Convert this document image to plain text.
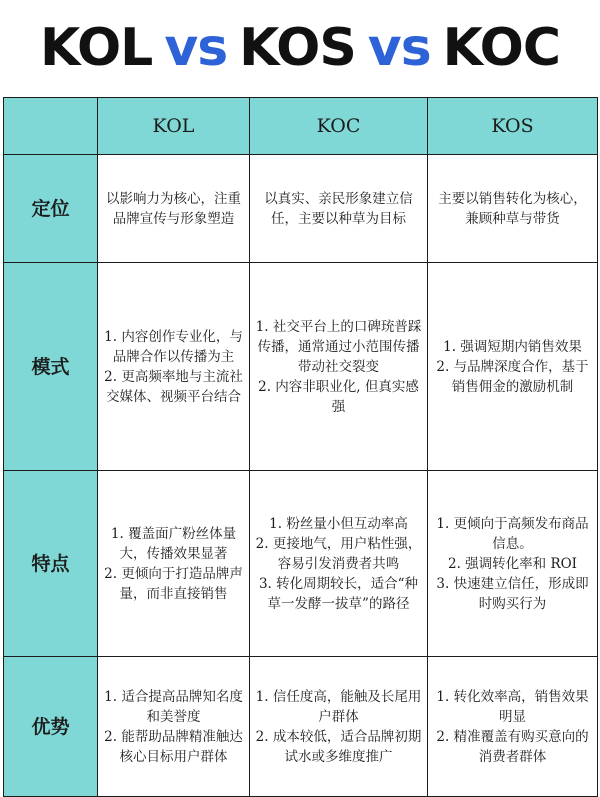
KOL vs KOS vs KOC
	KOL	KOC	KOS
定位	以影响力为核心，注重品牌宣传与形象塑造	以真实、亲民形象建立信任，主要以种草为目标	主要以销售转化为核心，兼顾种草与带货

模式	1. 内容创作专业化，与品牌合作以传播为主
2. 更高频率地与主流社交媒体、视频平台结合	1. 社交平台上的口碑珫普踩传播，通常通过小范围传播带动社交裂变
2. 内容非职业化, 但真实感强	1. 强调短期内销售效果
2. 与品牌深度合作，基于销售佣金的激励机制

特点	1. 覆盖面广粉丝体量大，传播效果显著
2. 更倾向于打造品牌声量，而非直接销售	1. 粉丝量小但互动率高
2. 更接地气，用户粘性强，容易引发消费者共鸣
3. 转化周期较长，适合“种草一发酵一拔草”的路径	1. 更倾向于高频发布商品信息。
2. 强调转化率和 ROI
3. 快速建立信任，形成即时购买行为

优势	1. 适合提高品牌知名度和美誉度
2. 能帮助品牌精准触达核心目标用户群体	1. 信任度高，能触及长尾用户群体
2. 成本较低，适合品牌初期试水或多维度推广	1. 转化效率高，销售效果明显
2. 精准覆盖有购买意向的消费者群体
